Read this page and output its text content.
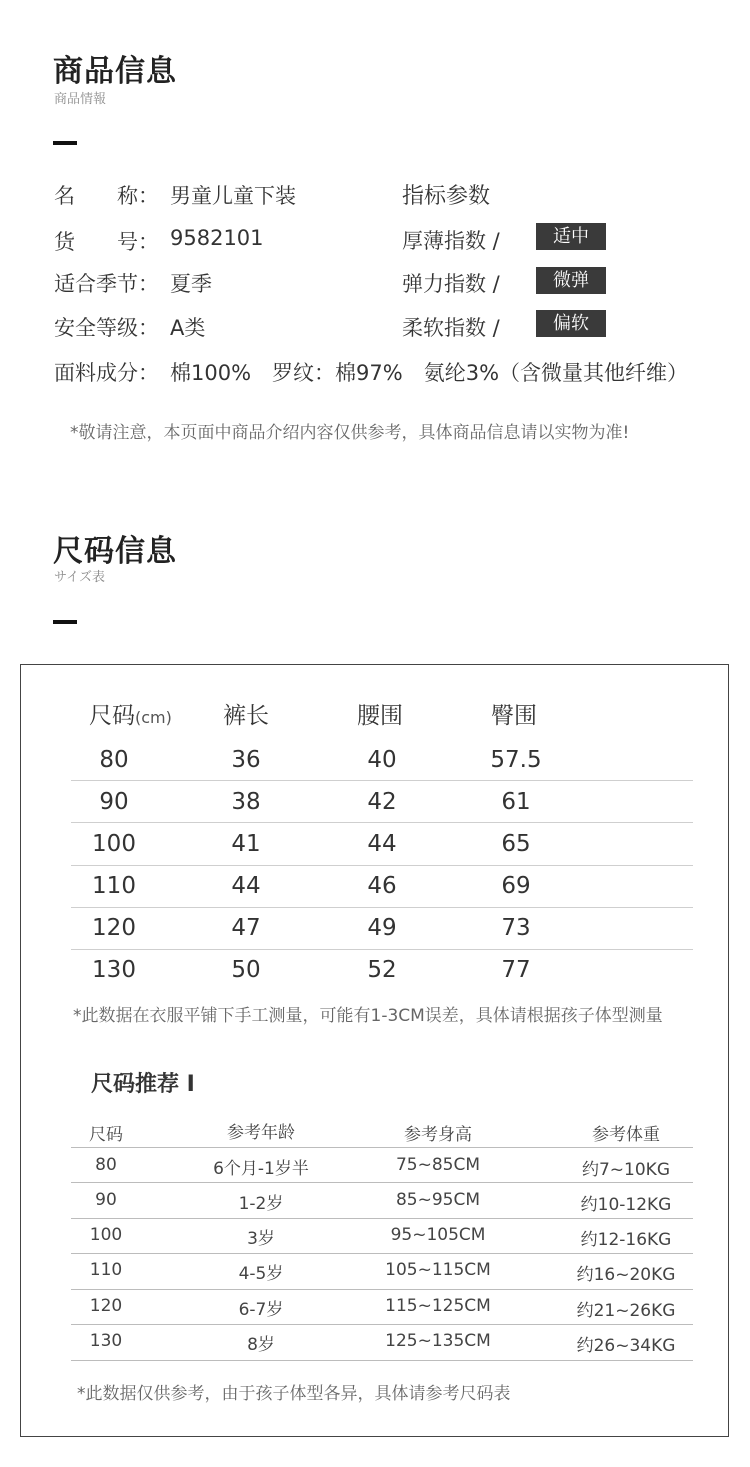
商品信息
商品情報
名　　称： 男童儿童下装
货　　号： 9582101
适合季节： 夏季
安全等级： A类
面料成分： 棉100%　罗纹：棉97%　氨纶3%（含微量其他纤维）
指标参数
厚薄指数 /	适中
弹力指数 /	微弹
柔软指数 /	偏软
*敬请注意，本页面中商品介绍内容仅供参考，具体商品信息请以实物为准!
尺码信息
サイズ表
尺码(cm) 裤长	腰围	臀围
80	36	40	57.5
90	38	42	61
100	41	44	65
110	44	46	69
120	47	49	73
130	50	52	77
*此数据在衣服平铺下手工测量，可能有1-3CM误差，具体请根据孩子体型测量
尺码推荐 I
尺码	参考年龄	参考身高	参考体重
80	6个月-1岁半	75~85CM	约7~10KG
90	1-2岁	85~95CM	约10-12KG
100	3岁	95~105CM	约12-16KG
110	4-5岁	105~115CM	约16~20KG
120	6-7岁	115~125CM	约21~26KG
130	8岁	125~135CM	约26~34KG
*此数据仅供参考，由于孩子体型各异，具体请参考尺码表
